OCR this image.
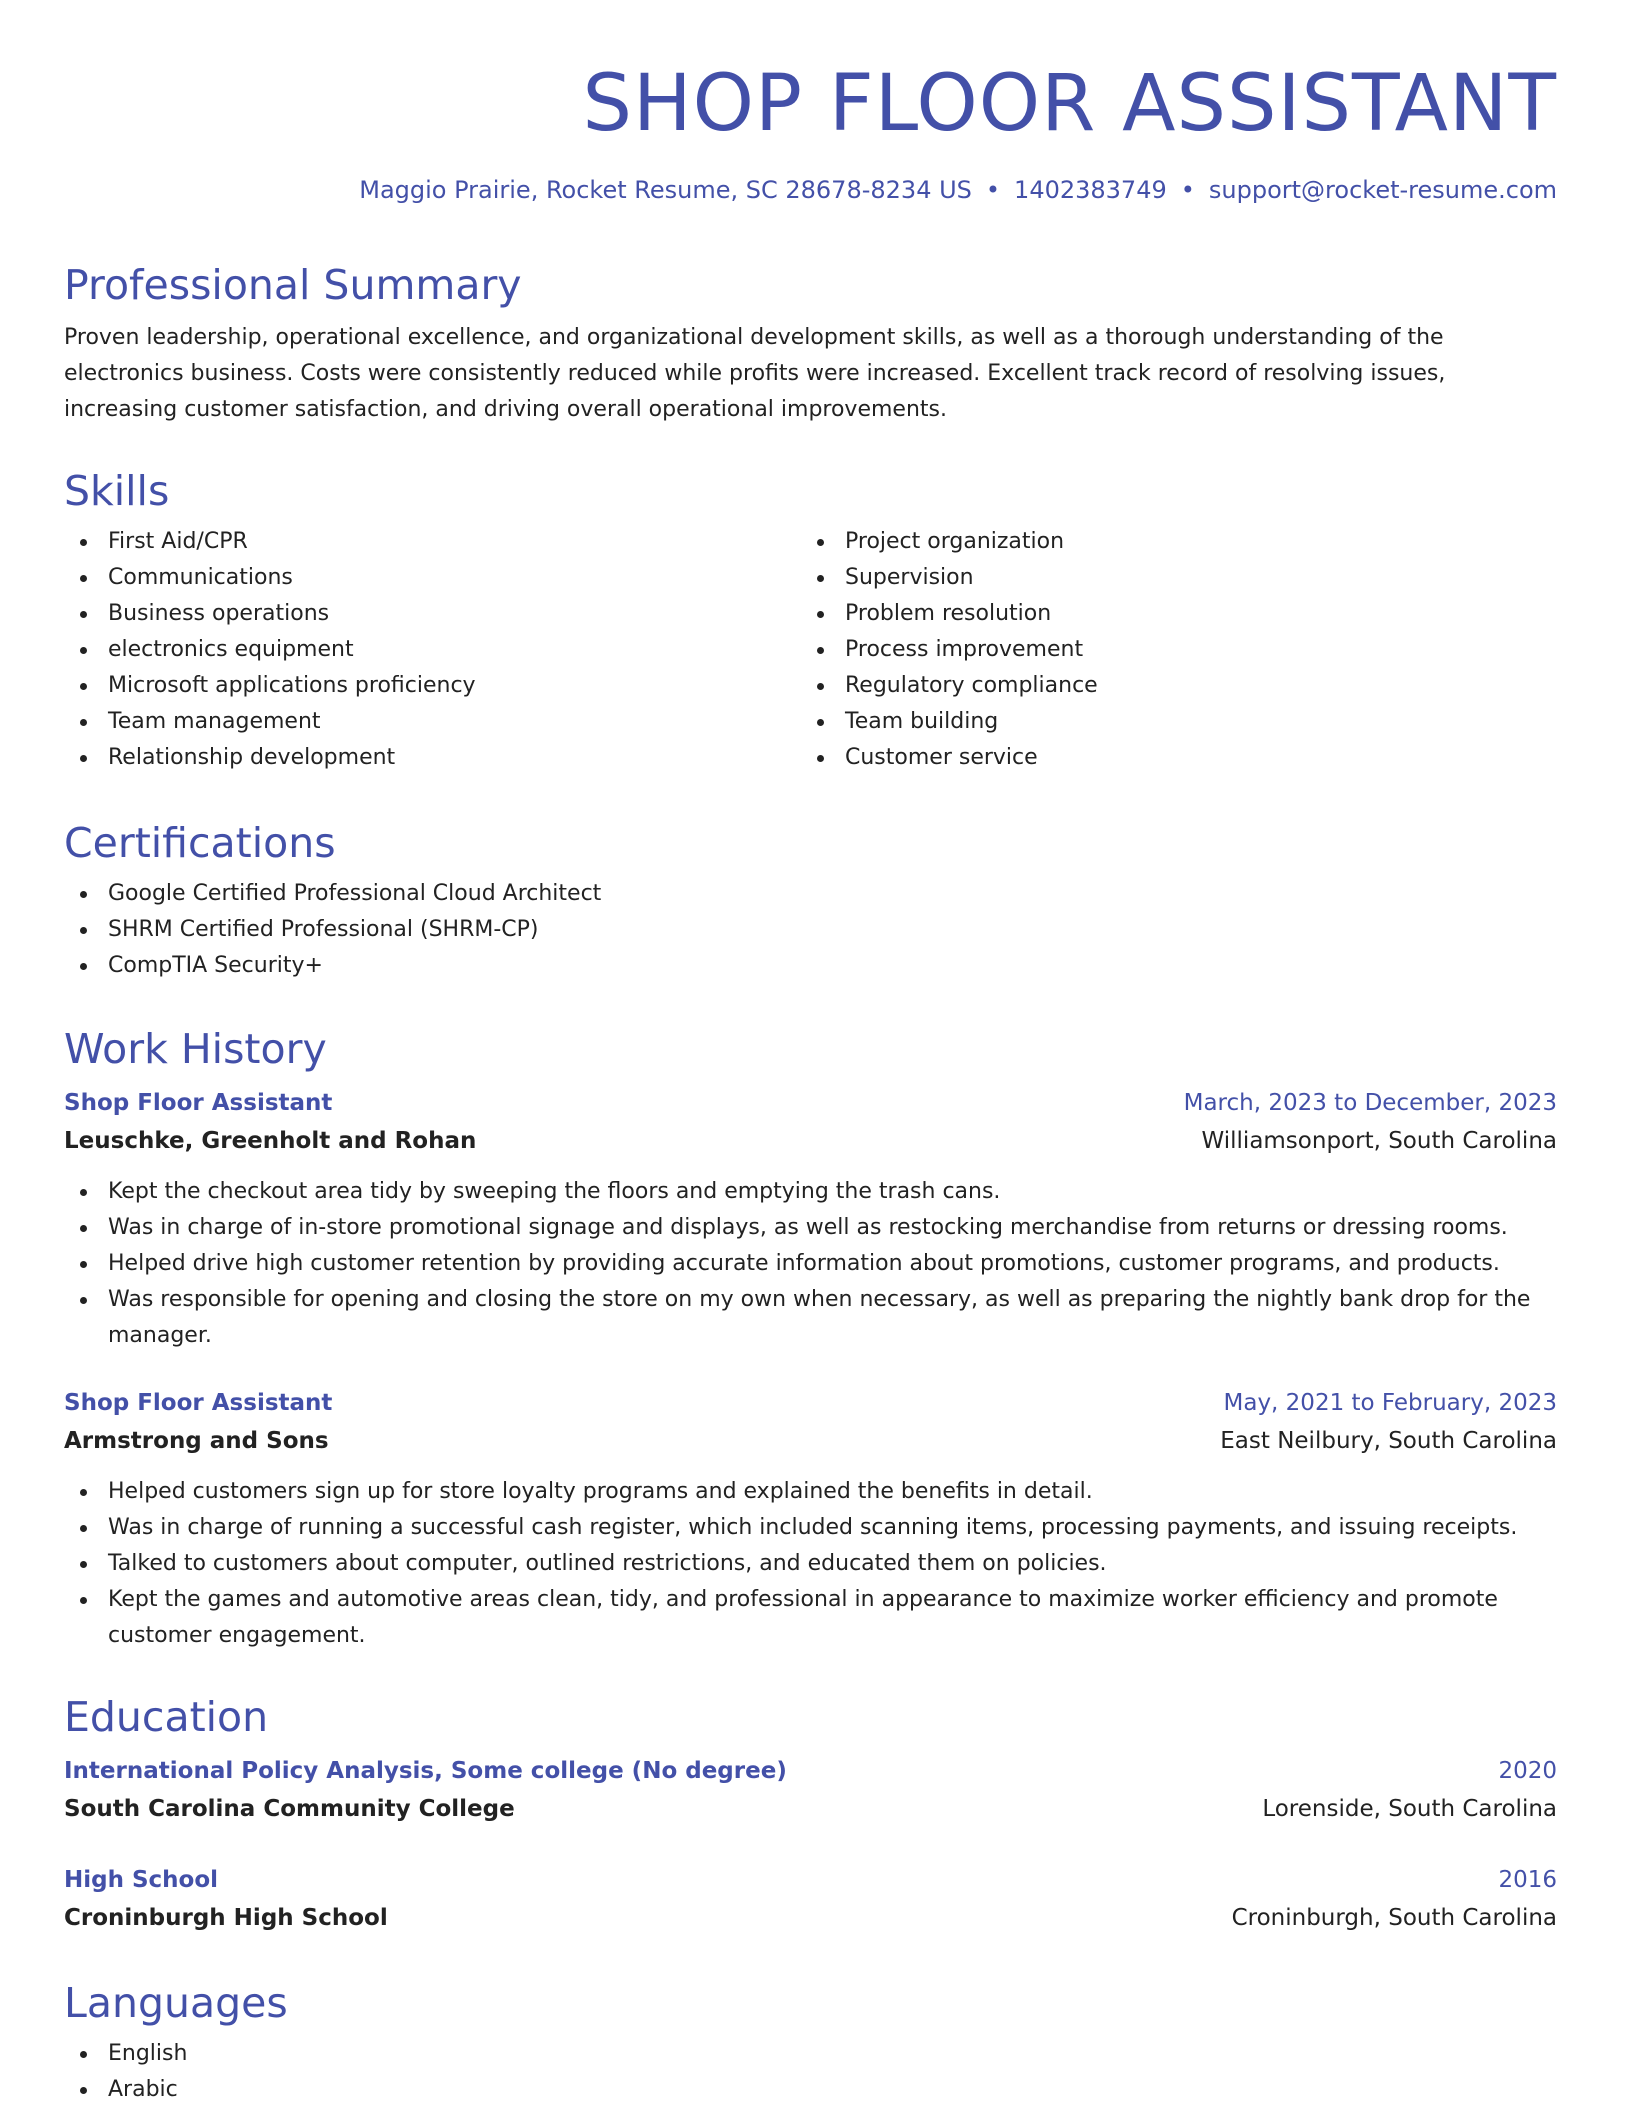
SHOP FLOOR ASSISTANT
Maggio Prairie, Rocket Resume, SC 28678-8234 US • 1402383749 • support@rocket-resume.com
Professional Summary

Proven leadership, operational excellence, and organizational development skills, as well as a thorough understanding of the electronics business. Costs were consistently reduced while profits were increased. Excellent track record of resolving issues, increasing customer satisfaction, and driving overall operational improvements.

Skills
First Aid/CPR
Communications
Business operations
electronics equipment
Microsoft applications proficiency
Team management
Relationship development
Project organization
Supervision
Problem resolution
Process improvement
Regulatory compliance
Team building
Customer service
Certifications
Google Certified Professional Cloud Architect
SHRM Certified Professional (SHRM-CP)
CompTIA Security+
Work History
Shop Floor Assistant	March, 2023 to December, 2023
Leuschke, Greenholt and Rohan	Williamsonport, South Carolina
Kept the checkout area tidy by sweeping the floors and emptying the trash cans.
Was in charge of in-store promotional signage and displays, as well as restocking merchandise from returns or dressing rooms.
Helped drive high customer retention by providing accurate information about promotions, customer programs, and products.
Was responsible for opening and closing the store on my own when necessary, as well as preparing the nightly bank drop for the manager.
Shop Floor Assistant	May, 2021 to February, 2023
Armstrong and Sons	East Neilbury, South Carolina
Helped customers sign up for store loyalty programs and explained the benefits in detail.
Was in charge of running a successful cash register, which included scanning items, processing payments, and issuing receipts.
Talked to customers about computer, outlined restrictions, and educated them on policies.
Kept the games and automotive areas clean, tidy, and professional in appearance to maximize worker efficiency and promote customer engagement.
Education
International Policy Analysis, Some college (No degree)	2020
South Carolina Community College	Lorenside, South Carolina
High School	2016
Croninburgh High School	Croninburgh, South Carolina
Languages
English
Arabic
